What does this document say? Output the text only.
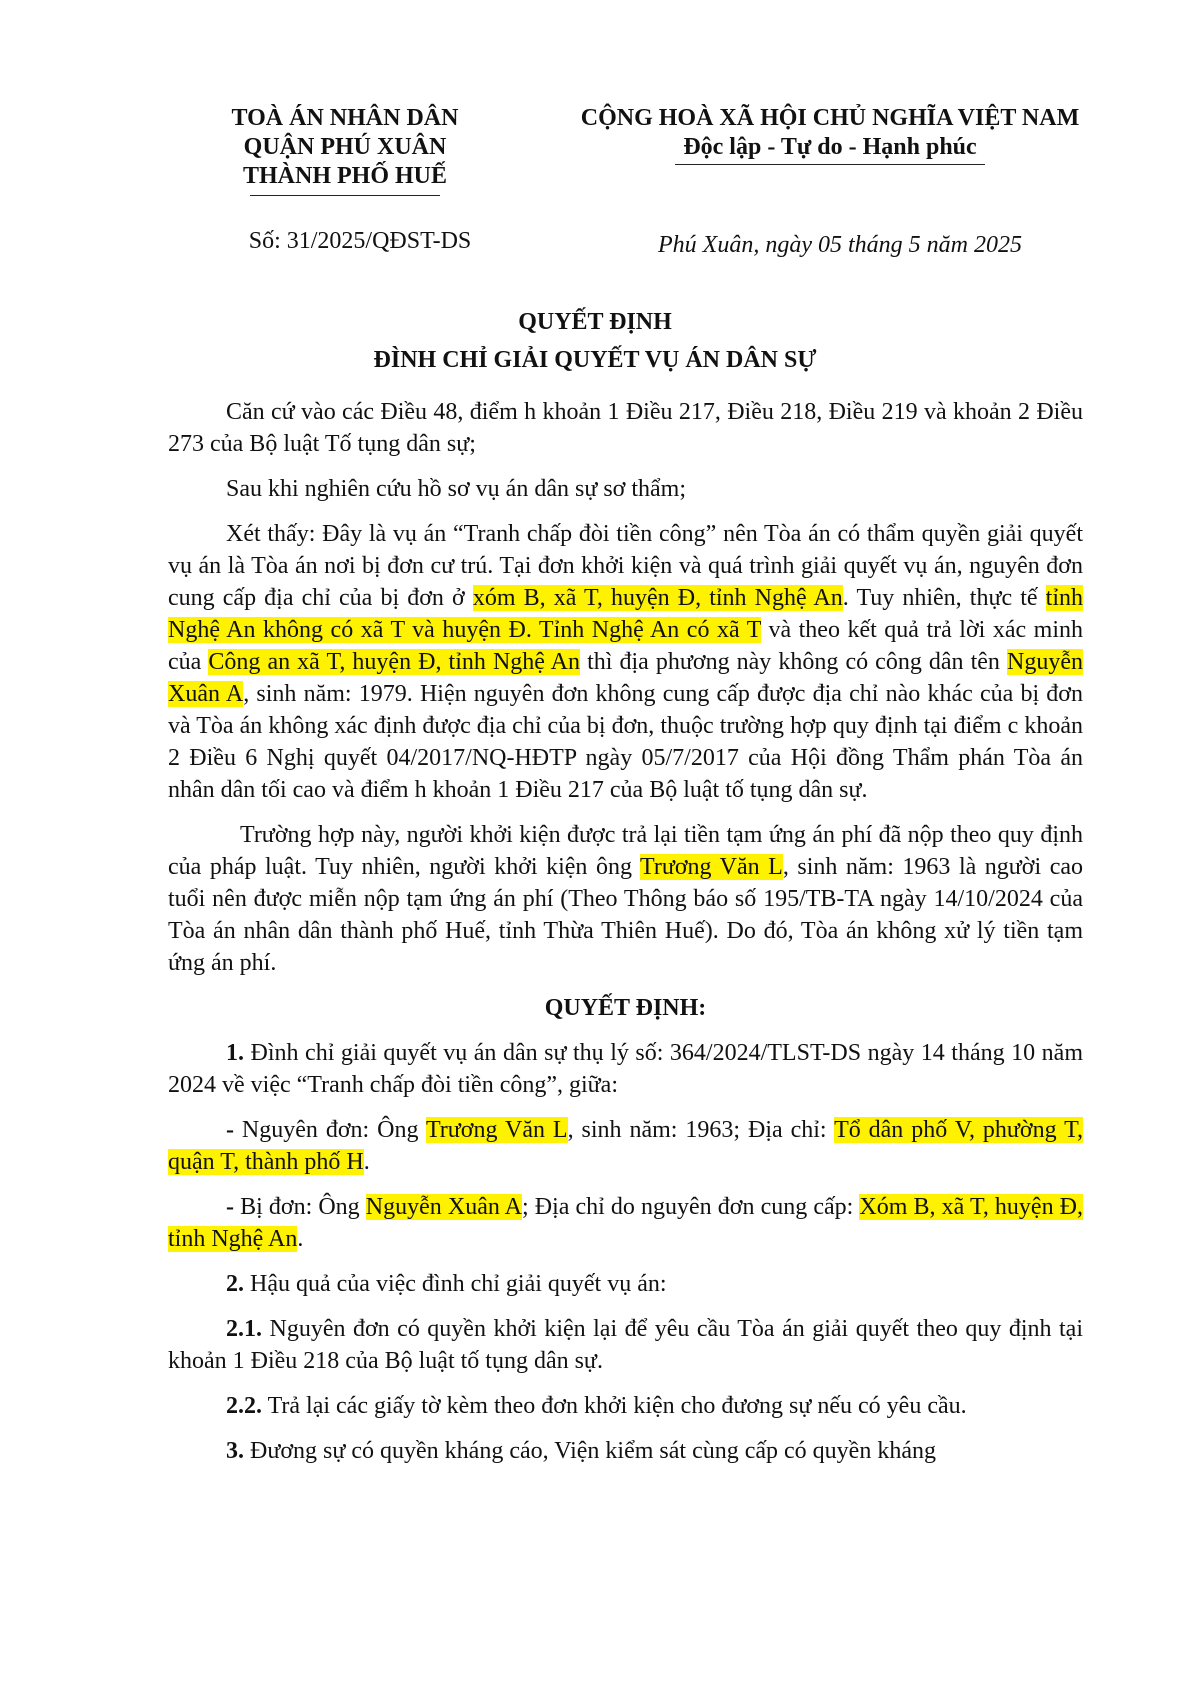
TOÀ ÁN NHÂN DÂN
QUẬN PHÚ XUÂN
THÀNH PHỐ HUẾ
CỘNG HOÀ XÃ HỘI CHỦ NGHĨA VIỆT NAM
Độc lập - Tự do - Hạnh phúc
Số: 31/2025/QĐST-DS	Phú Xuân, ngày 05 tháng 5 năm 2025
QUYẾT ĐỊNH
ĐÌNH CHỈ GIẢI QUYẾT VỤ ÁN DÂN SỰ

Căn cứ vào các Điều 48, điểm h khoản 1 Điều 217, Điều 218, Điều 219 và khoản 2 Điều 273 của Bộ luật Tố tụng dân sự;

Sau khi nghiên cứu hồ sơ vụ án dân sự sơ thẩm;

Xét thấy: Đây là vụ án “Tranh chấp đòi tiền công” nên Tòa án có thẩm quyền giải quyết vụ án là Tòa án nơi bị đơn cư trú. Tại đơn khởi kiện và quá trình giải quyết vụ án, nguyên đơn cung cấp địa chỉ của bị đơn ở xóm B, xã T, huyện Đ, tỉnh Nghệ An. Tuy nhiên, thực tế tỉnh Nghệ An không có xã T và huyện Đ. Tỉnh Nghệ An có xã T và theo kết quả trả lời xác minh của Công an xã T, huyện Đ, tỉnh Nghệ An thì địa phương này không có công dân tên Nguyễn Xuân A, sinh năm: 1979. Hiện nguyên đơn không cung cấp được địa chỉ nào khác của bị đơn và Tòa án không xác định được địa chỉ của bị đơn, thuộc trường hợp quy định tại điểm c khoản 2 Điều 6 Nghị quyết 04/2017/NQ-HĐTP ngày 05/7/2017 của Hội đồng Thẩm phán Tòa án nhân dân tối cao và điểm h khoản 1 Điều 217 của Bộ luật tố tụng dân sự.

Trường hợp này, người khởi kiện được trả lại tiền tạm ứng án phí đã nộp theo quy định của pháp luật. Tuy nhiên, người khởi kiện ông Trương Văn L, sinh năm: 1963 là người cao tuổi nên được miễn nộp tạm ứng án phí (Theo Thông báo số 195/TB-TA ngày 14/10/2024 của Tòa án nhân dân thành phố Huế, tỉnh Thừa Thiên Huế). Do đó, Tòa án không xử lý tiền tạm ứng án phí.

QUYẾT ĐỊNH:

1. Đình chỉ giải quyết vụ án dân sự thụ lý số: 364/2024/TLST-DS ngày 14 tháng 10 năm 2024 về việc “Tranh chấp đòi tiền công”, giữa:

- Nguyên đơn: Ông Trương Văn L, sinh năm: 1963; Địa chỉ: Tổ dân phố V, phường T, quận T, thành phố H.

- Bị đơn: Ông Nguyễn Xuân A; Địa chỉ do nguyên đơn cung cấp: Xóm B, xã T, huyện Đ, tỉnh Nghệ An.

2. Hậu quả của việc đình chỉ giải quyết vụ án:

2.1. Nguyên đơn có quyền khởi kiện lại để yêu cầu Tòa án giải quyết theo quy định tại khoản 1 Điều 218 của Bộ luật tố tụng dân sự.

2.2. Trả lại các giấy tờ kèm theo đơn khởi kiện cho đương sự nếu có yêu cầu.

3. Đương sự có quyền kháng cáo, Viện kiểm sát cùng cấp có quyền kháng
